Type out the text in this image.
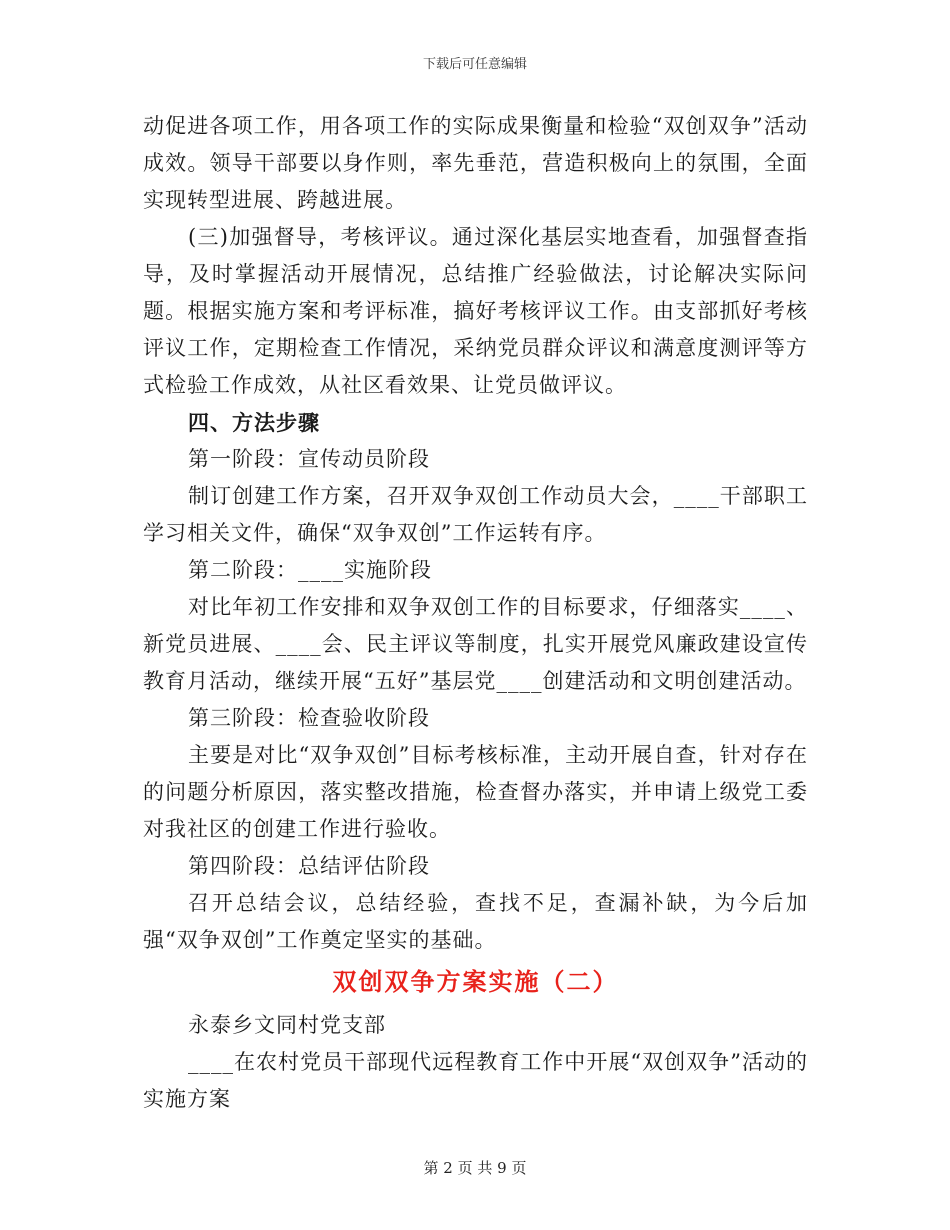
下载后可任意编辑

动促进各项工作，用各项工作的实际成果衡量和检验“双创双争”活动成效。领导干部要以身作则，率先垂范，营造积极向上的氛围，全面实现转型进展、跨越进展。

(三)加强督导，考核评议。通过深化基层实地查看，加强督查指导，及时掌握活动开展情况，总结推广经验做法，讨论解决实际问题。根据实施方案和考评标准，搞好考核评议工作。由支部抓好考核评议工作，定期检查工作情况，采纳党员群众评议和满意度测评等方式检验工作成效，从社区看效果、让党员做评议。

四、方法步骤

第一阶段：宣传动员阶段

制订创建工作方案，召开双争双创工作动员大会，____干部职工学习相关文件，确保“双争双创”工作运转有序。

第二阶段：____实施阶段

对比年初工作安排和双争双创工作的目标要求，仔细落实____、新党员进展、____会、民主评议等制度，扎实开展党风廉政建设宣传教育月活动，继续开展“五好”基层党____创建活动和文明创建活动。

第三阶段：检查验收阶段

主要是对比“双争双创”目标考核标准，主动开展自查，针对存在的问题分析原因，落实整改措施，检查督办落实，并申请上级党工委对我社区的创建工作进行验收。

第四阶段：总结评估阶段

召开总结会议，总结经验，查找不足，查漏补缺，为今后加强“双争双创”工作奠定坚实的基础。

双创双争方案实施（二）

永泰乡文同村党支部

____在农村党员干部现代远程教育工作中开展“双创双争”活动的实施方案

第 2 页 共 9 页
